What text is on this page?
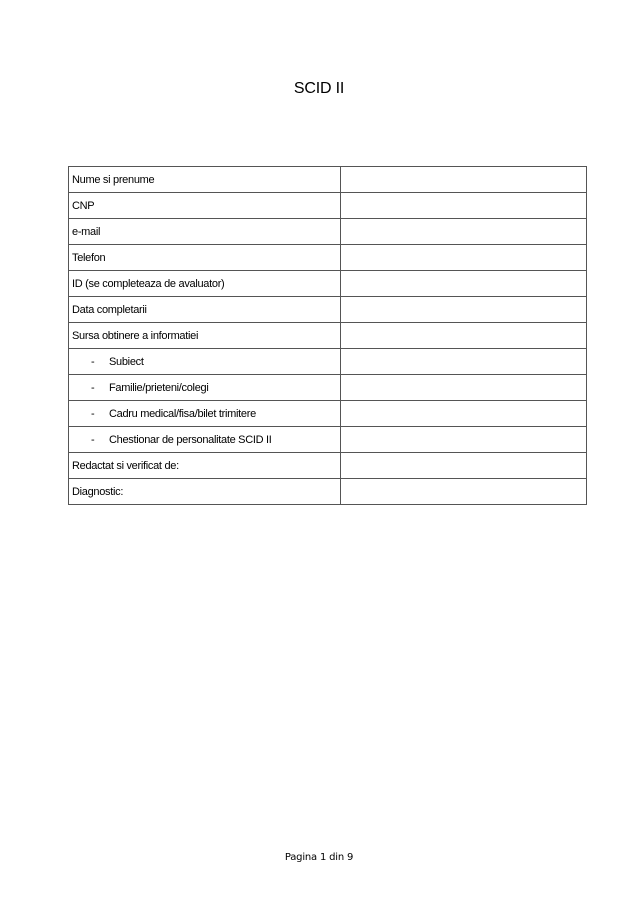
SCID II
Nume si prenume	
CNP	
e-mail	
Telefon	
ID (se completeaza de avaluator)	
Data completarii	
Sursa obtinere a informatiei	
- Subiect	
- Familie/prieteni/colegi	
- Cadru medical/fisa/bilet trimitere	
- Chestionar de personalitate SCID II	
Redactat si verificat de:	
Diagnostic:	
Pagina 1 din 9
